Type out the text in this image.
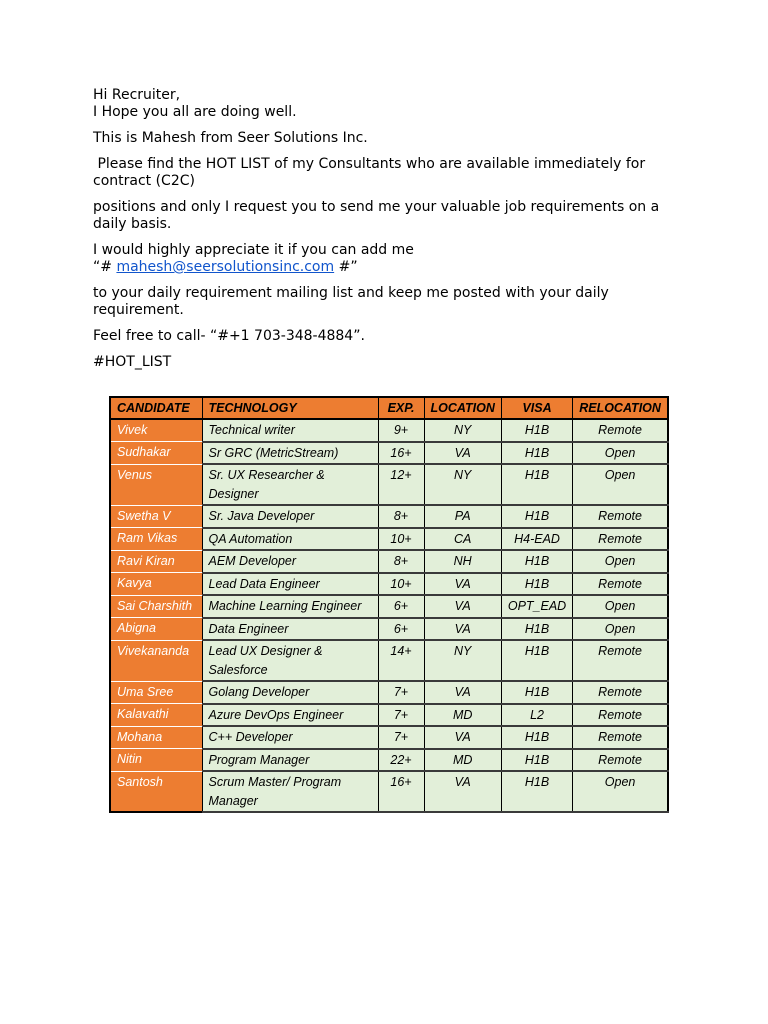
Hi Recruiter,
I Hope you all are doing well.

This is Mahesh from Seer Solutions Inc.

Please find the HOT LIST of my Consultants who are available immediately for contract (C2C)

positions and only I request you to send me your valuable job requirements on a daily basis.

I would highly appreciate it if you can add me
“# mahesh@seersolutionsinc.com #”

to your daily requirement mailing list and keep me posted with your daily requirement.

Feel free to call- “#+1 703-348-4884”.

#HOT_LIST

CANDIDATE	TECHNOLOGY	EXP.	LOCATION	VISA	RELOCATION
Vivek	Technical writer	9+	NY	H1B	Remote
Sudhakar	Sr GRC (MetricStream)	16+	VA	H1B	Open
Venus	Sr. UX Researcher & Designer	12+	NY	H1B	Open
Swetha V	Sr. Java Developer	8+	PA	H1B	Remote
Ram Vikas	QA Automation	10+	CA	H4-EAD	Remote
Ravi Kiran	AEM Developer	8+	NH	H1B	Open
Kavya	Lead Data Engineer	10+	VA	H1B	Remote
Sai Charshith	Machine Learning Engineer	6+	VA	OPT_EAD	Open
Abigna	Data Engineer	6+	VA	H1B	Open
Vivekananda	Lead UX Designer & Salesforce	14+	NY	H1B	Remote
Uma Sree	Golang Developer	7+	VA	H1B	Remote
Kalavathi	Azure DevOps Engineer	7+	MD	L2	Remote
Mohana	C++ Developer	7+	VA	H1B	Remote
Nitin	Program Manager	22+	MD	H1B	Remote
Santosh	Scrum Master/ Program Manager	16+	VA	H1B	Open
